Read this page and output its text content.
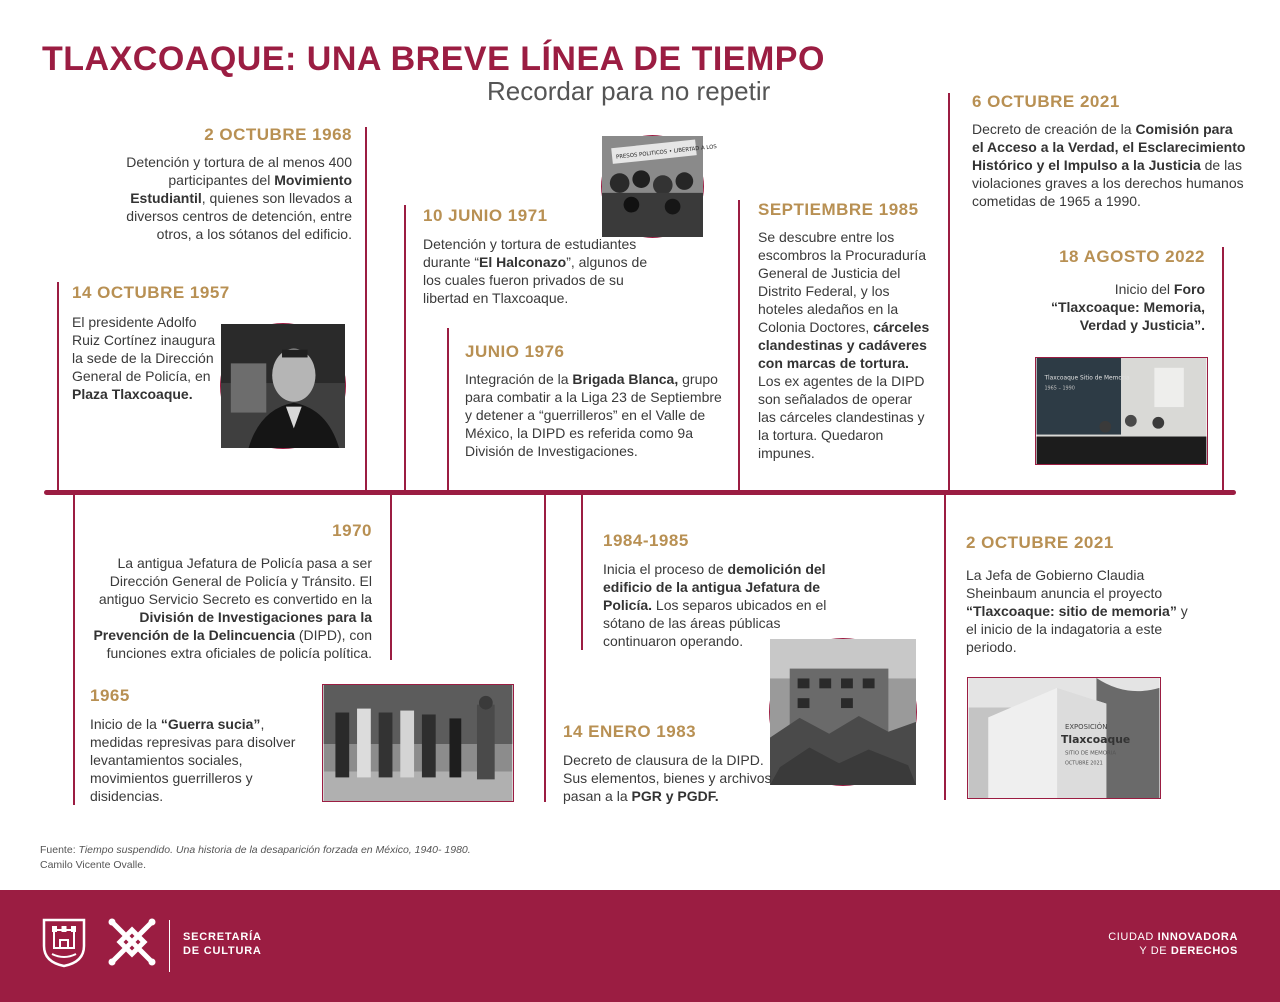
TLAXCOAQUE: UNA BREVE LÍNEA DE TIEMPO
Recordar para no repetir
2 OCTUBRE 1968
Detención y tortura de al menos 400 participantes del Movimiento Estudiantil, quienes son llevados a diversos centros de detención, entre otros, a los sótanos del edificio.
14 OCTUBRE 1957
El presidente Adolfo Ruiz Cortínez inaugura la sede de la Dirección General de Policía, en Plaza Tlaxcoaque.
PRESOS POLITICOS • LIBERTAD A LOS
10 JUNIO 1971
Detención y tortura de estudiantes durante “El Halconazo”, algunos de los cuales fueron privados de su libertad en Tlaxcoaque.
JUNIO 1976
Integración de la Brigada Blanca, grupo para combatir a la Liga 23 de Septiembre y detener a “guerrilleros” en el Valle de México, la DIPD es referida como 9a División de Investigaciones.
SEPTIEMBRE 1985
Se descubre entre los escombros la Procuraduría General de Justicia del Distrito Federal, y los hoteles aledaños en la Colonia Doctores, cárceles clandestinas y cadáveres con marcas de tortura. Los ex agentes de la DIPD son señalados de operar las cárceles clandestinas y la tortura. Quedaron impunes.
6 OCTUBRE 2021
Decreto de creación de la Comisión para el Acceso a la Verdad, el Esclarecimiento Histórico y el Impulso a la Justicia de las violaciones graves a los derechos humanos cometidas de 1965 a 1990.
18 AGOSTO 2022
Inicio del Foro “Tlaxcoaque: Memoria, Verdad y Justicia”.
Tlaxcoaque Sitio de Memoria
1965 – 1990
1970
La antigua Jefatura de Policía pasa a ser Dirección General de Policía y Tránsito. El antiguo Servicio Secreto es convertido en la División de Investigaciones para la Prevención de la Delincuencia (DIPD), con funciones extra oficiales de policía política.
1965
Inicio de la “Guerra sucia”, medidas represivas para disolver levantamientos sociales, movimientos guerrilleros y disidencias.
1984-1985
Inicia el proceso de demolición del edificio de la antigua Jefatura de Policía. Los separos ubicados en el sótano de las áreas públicas continuaron operando.
14 ENERO 1983
Decreto de clausura de la DIPD. Sus elementos, bienes y archivos pasan a la PGR y PGDF.
2 OCTUBRE 2021
La Jefa de Gobierno Claudia Sheinbaum anuncia el proyecto “Tlaxcoaque: sitio de memoria” y el inicio de la indagatoria a este periodo.
EXPOSICIÓN
Tlaxcoaque
SITIO DE MEMORIA
OCTUBRE 2021
Fuente: Tiempo suspendido. Una historia de la desaparición forzada en México, 1940- 1980.
Camilo Vicente Ovalle.
SECRETARÍA
DE CULTURA
CIUDAD INNOVADORA
Y DE DERECHOS
